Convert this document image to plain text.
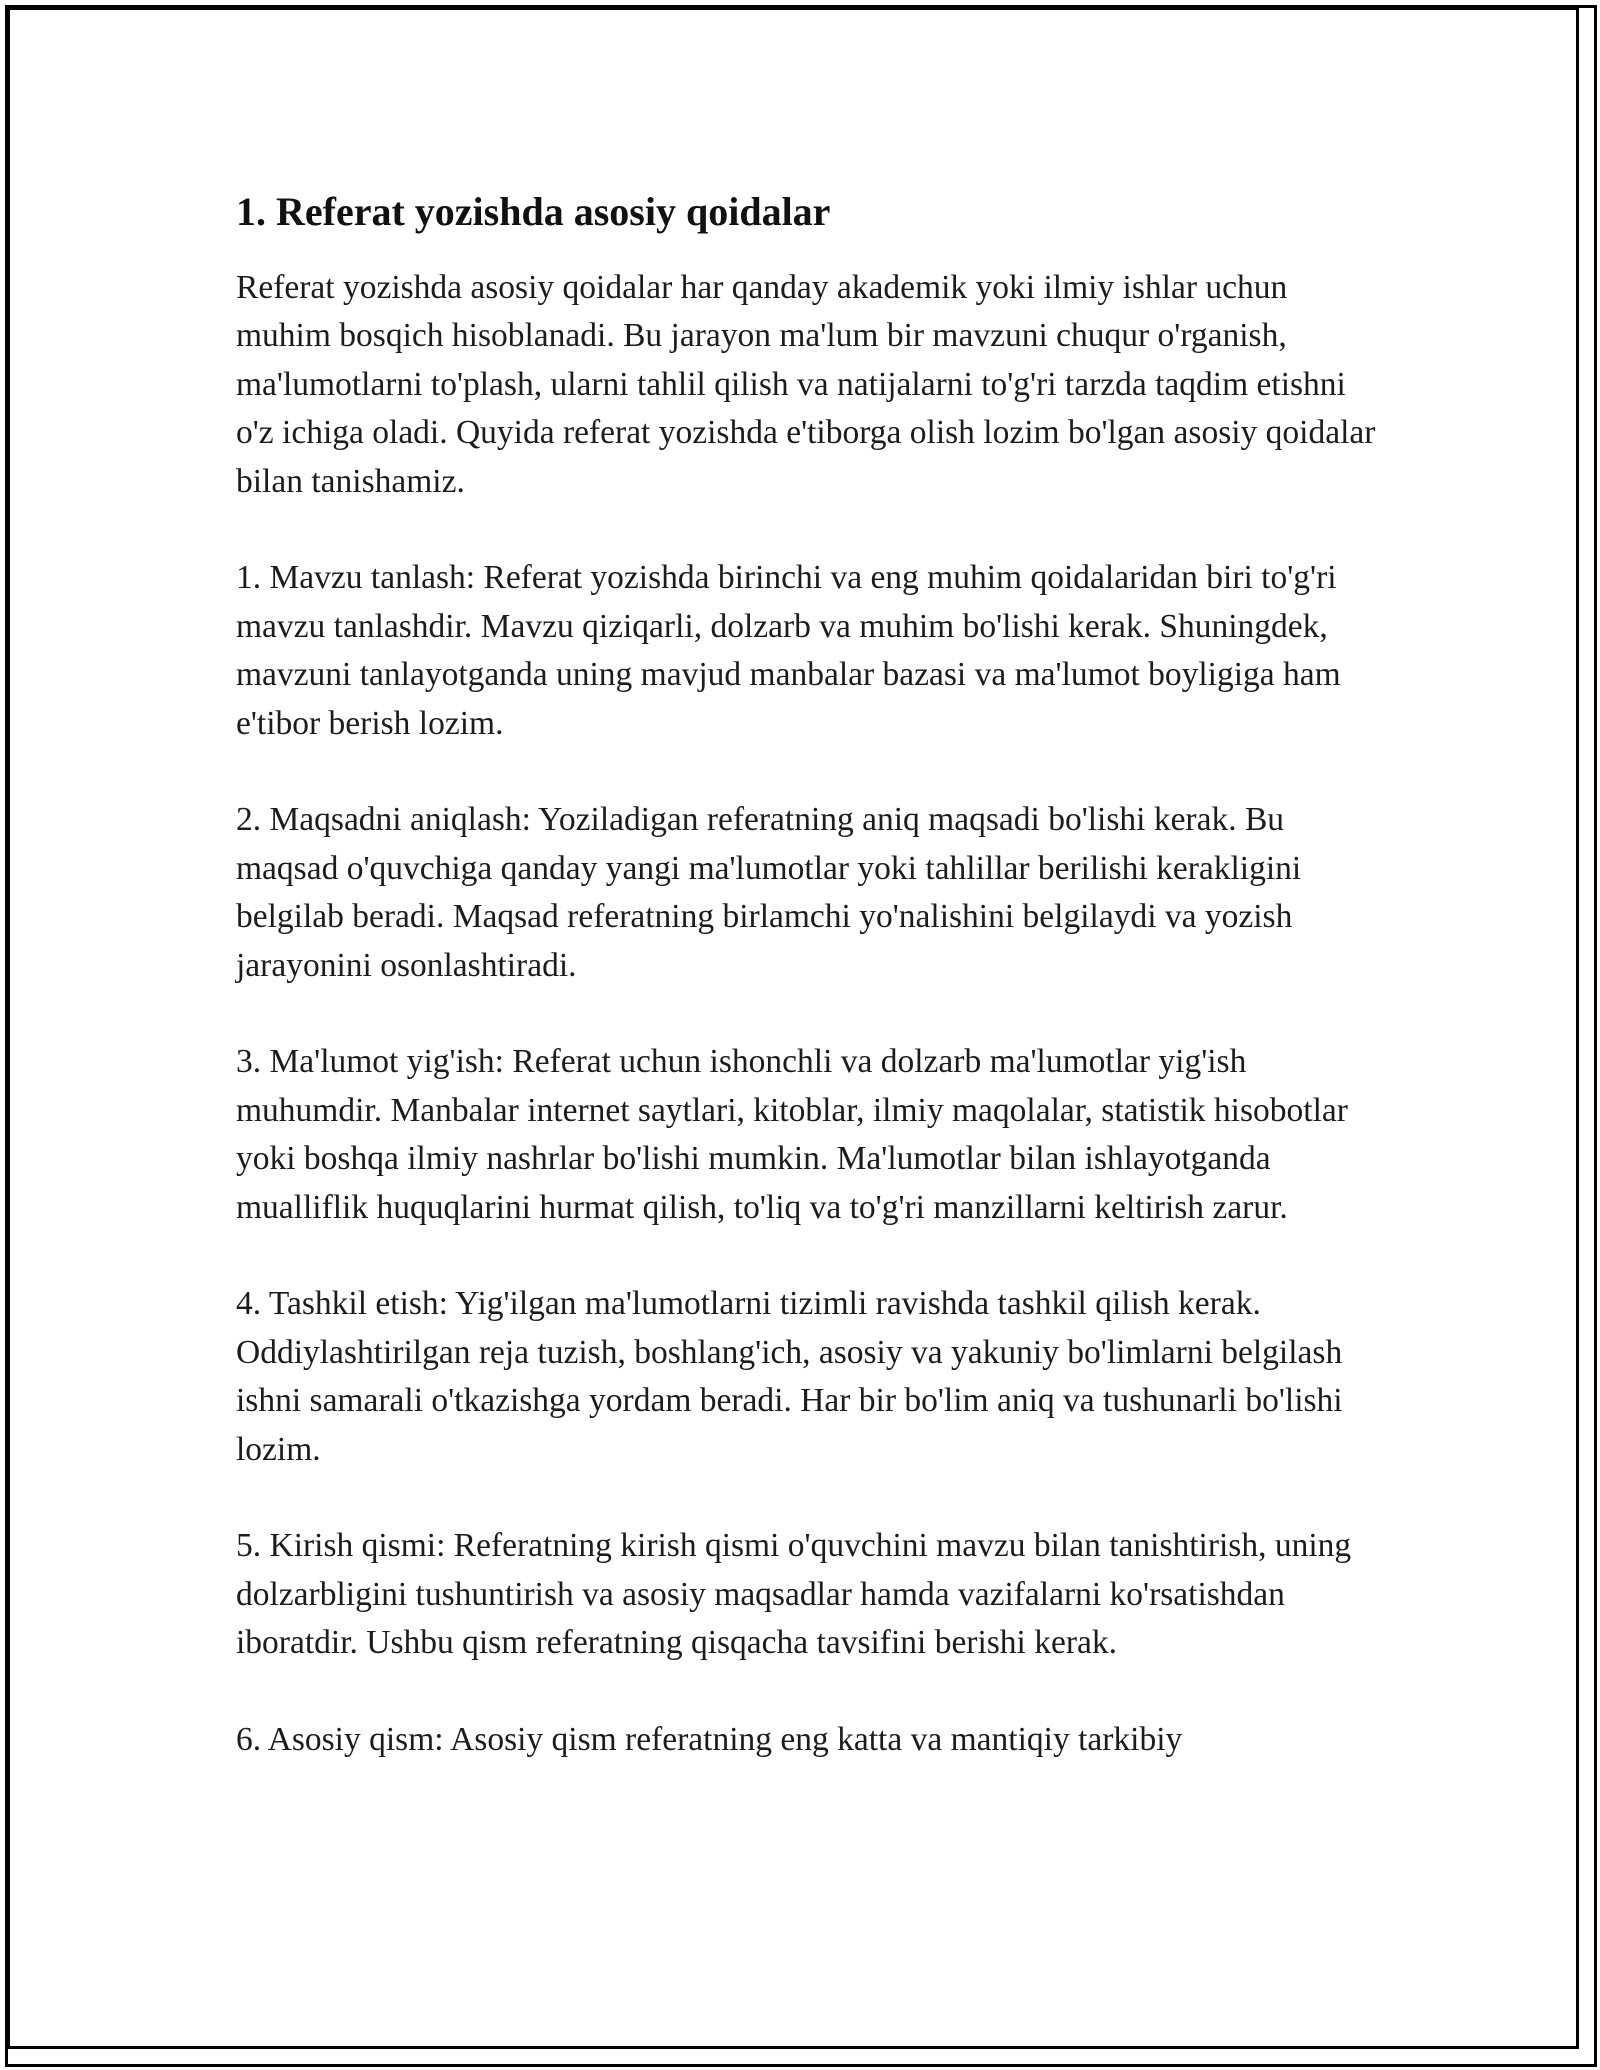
1. Referat yozishda asosiy qoidalar

Referat yozishda asosiy qoidalar har qanday akademik yoki ilmiy ishlar uchun muhim bosqich hisoblanadi. Bu jarayon ma'lum bir mavzuni chuqur o'rganish, ma'lumotlarni to'plash, ularni tahlil qilish va natijalarni to'g'ri tarzda taqdim etishni o'z ichiga oladi. Quyida referat yozishda e'tiborga olish lozim bo'lgan asosiy qoidalar bilan tanishamiz.

1. Mavzu tanlash: Referat yozishda birinchi va eng muhim qoidalaridan biri to'g'ri mavzu tanlashdir. Mavzu qiziqarli, dolzarb va muhim bo'lishi kerak. Shuningdek, mavzuni tanlayotganda uning mavjud manbalar bazasi va ma'lumot boyligiga ham e'tibor berish lozim.
2. Maqsadni aniqlash: Yoziladigan referatning aniq maqsadi bo'lishi kerak. Bu maqsad o'quvchiga qanday yangi ma'lumotlar yoki tahlillar berilishi kerakligini belgilab beradi. Maqsad referatning birlamchi yo'nalishini belgilaydi va yozish jarayonini osonlashtiradi.
3. Ma'lumot yig'ish: Referat uchun ishonchli va dolzarb ma'lumotlar yig'ish muhumdir. Manbalar internet saytlari, kitoblar, ilmiy maqolalar, statistik hisobotlar yoki boshqa ilmiy nashrlar bo'lishi mumkin. Ma'lumotlar bilan ishlayotganda mualliflik huquqlarini hurmat qilish, to'liq va to'g'ri manzillarni keltirish zarur.
4. Tashkil etish: Yig'ilgan ma'lumotlarni tizimli ravishda tashkil qilish kerak. Oddiylashtirilgan reja tuzish, boshlang'ich, asosiy va yakuniy bo'limlarni belgilash ishni samarali o'tkazishga yordam beradi. Har bir bo'lim aniq va tushunarli bo'lishi lozim.
5. Kirish qismi: Referatning kirish qismi o'quvchini mavzu bilan tanishtirish, uning dolzarbligini tushuntirish va asosiy maqsadlar hamda vazifalarni ko'rsatishdan iboratdir. Ushbu qism referatning qisqacha tavsifini berishi kerak.
6. Asosiy qism: Asosiy qism referatning eng katta va mantiqiy tarkibiy
